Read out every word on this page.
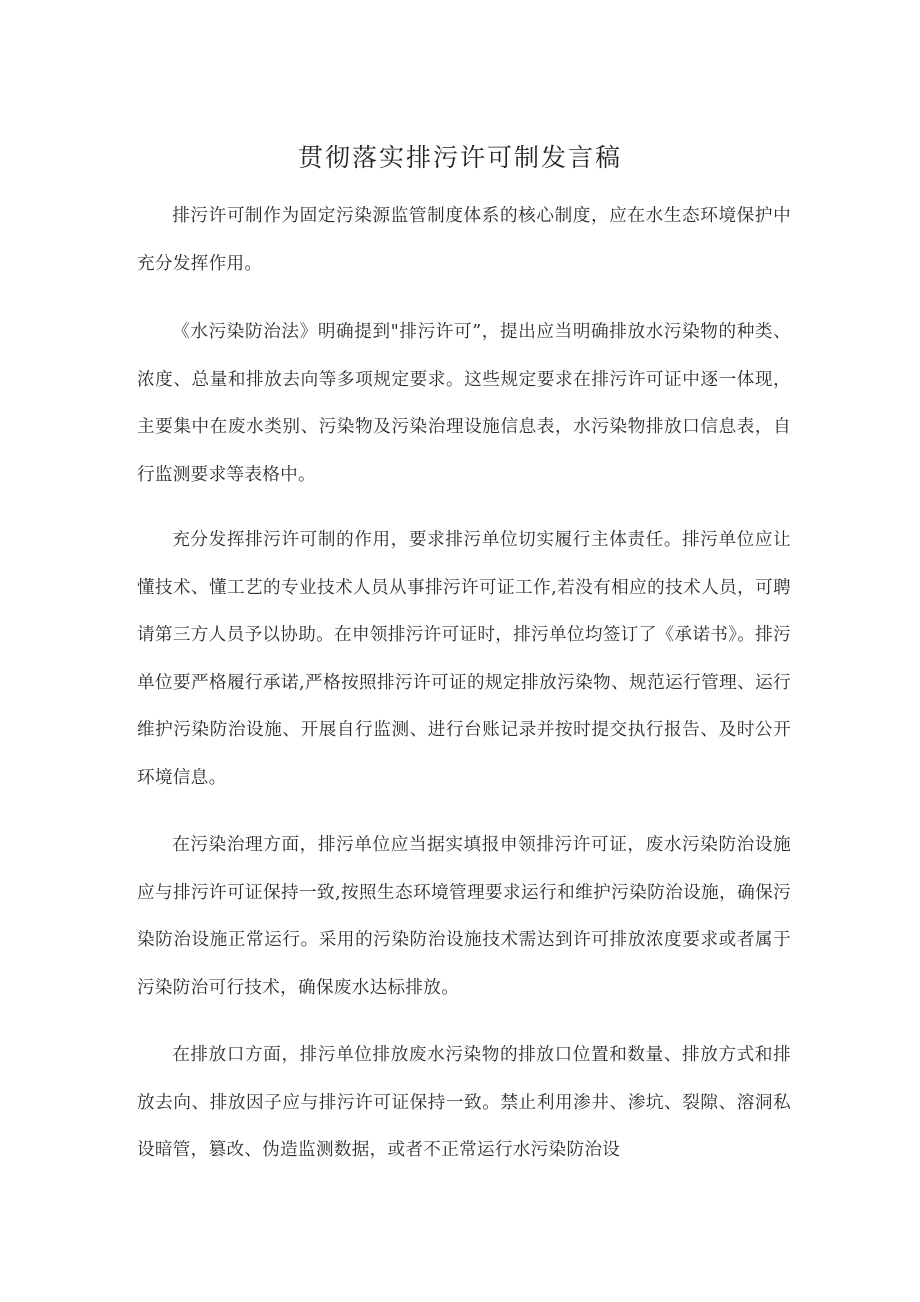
贯彻落实排污许可制发言稿

排污许可制作为固定污染源监管制度体系的核心制度，应在水生态环境保护中充分发挥作用。

《水污染防治法》明确提到"排污许可”，提出应当明确排放水污染物的种类、浓度、总量和排放去向等多项规定要求。这些规定要求在排污许可证中逐一体现，主要集中在废水类别、污染物及污染治理设施信息表，水污染物排放口信息表，自行监测要求等表格中。

充分发挥排污许可制的作用，要求排污单位切实履行主体责任。排污单位应让懂技术、懂工艺的专业技术人员从事排污许可证工作,若没有相应的技术人员，可聘请第三方人员予以协助。在申领排污许可证时，排污单位均签订了《承诺书》。排污单位要严格履行承诺,严格按照排污许可证的规定排放污染物、规范运行管理、运行维护污染防治设施、开展自行监测、进行台账记录并按时提交执行报告、及时公开环境信息。

在污染治理方面，排污单位应当据实填报申领排污许可证，废水污染防治设施应与排污许可证保持一致,按照生态环境管理要求运行和维护污染防治设施，确保污染防治设施正常运行。采用的污染防治设施技术需达到许可排放浓度要求或者属于污染防治可行技术，确保废水达标排放。

在排放口方面，排污单位排放废水污染物的排放口位置和数量、排放方式和排放去向、排放因子应与排污许可证保持一致。禁止利用渗井、渗坑、裂隙、溶洞私设暗管，篡改、伪造监测数据，或者不正常运行水污染防治设
